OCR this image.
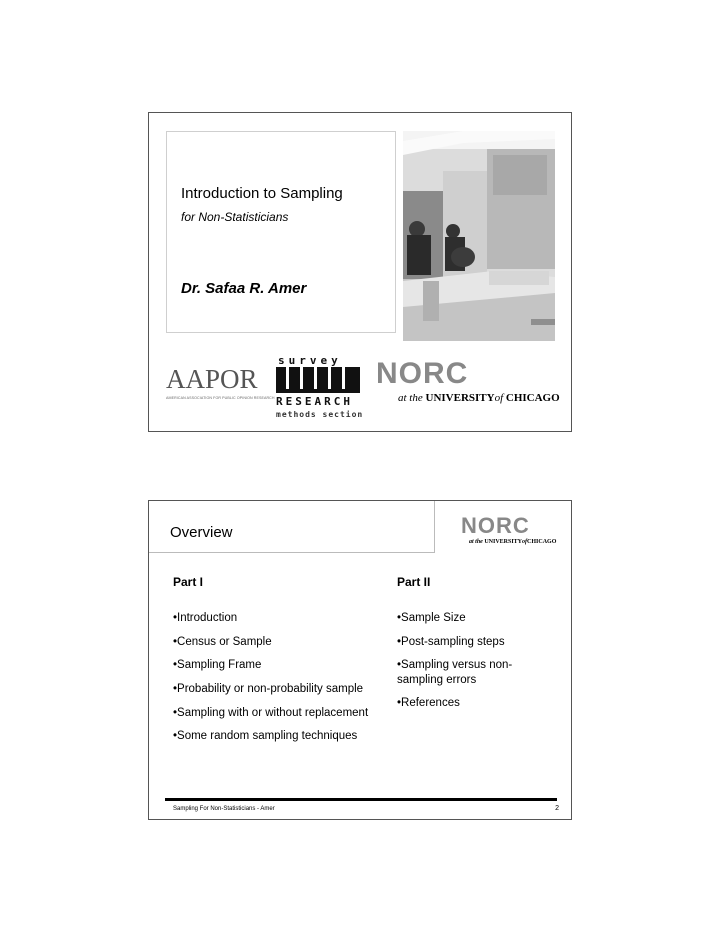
Introduction to Sampling
for Non-Statisticians
Dr. Safaa R. Amer
AAPOR
AMERICAN ASSOCIATION FOR PUBLIC OPINION RESEARCH
survey
RESEARCH
methods section
NORC
at the UNIVERSITYof CHICAGO
Overview	NORC
at the UNIVERSITYofCHICAGO
Part I	Part II
•Introduction
•Census or Sample
•Sampling Frame
•Probability or non-probability sample
•Sampling with or without replacement
•Some random sampling techniques
•Sample Size
•Post-sampling steps
•Sampling versus non-sampling errors
•References
Sampling For Non-Statisticians - Amer	2
